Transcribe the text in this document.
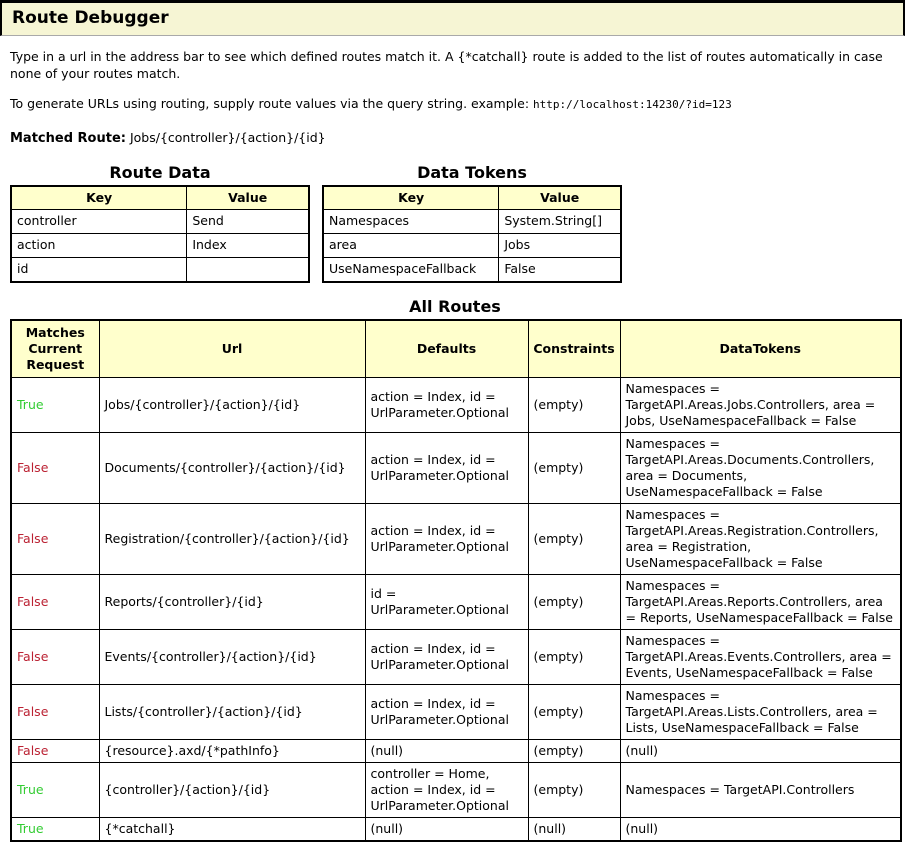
Route Debugger

Type in a url in the address bar to see which defined routes match it. A {*catchall} route is added to the list of routes automatically in case none of your routes match.

To generate URLs using routing, supply route values via the query string. example: http://localhost:14230/?id=123

Matched Route: Jobs/{controller}/{action}/{id}

Route Data
Key	Value
controller	Send
action	Index
id	
Data Tokens
Key	Value
Namespaces	System.String[]
area	Jobs
UseNamespaceFallback	False
All Routes
Matches Current Request	Url	Defaults	Constraints	DataTokens
True	Jobs/{controller}/{action}/{id}	action = Index, id = UrlParameter.Optional	(empty)	Namespaces = TargetAPI.Areas.Jobs.Controllers, area = Jobs, UseNamespaceFallback = False
False	Documents/{controller}/{action}/{id}	action = Index, id = UrlParameter.Optional	(empty)	Namespaces = TargetAPI.Areas.Documents.Controllers, area = Documents, UseNamespaceFallback = False
False	Registration/{controller}/{action}/{id}	action = Index, id = UrlParameter.Optional	(empty)	Namespaces = TargetAPI.Areas.Registration.Controllers, area = Registration, UseNamespaceFallback = False
False	Reports/{controller}/{id}	id = UrlParameter.Optional	(empty)	Namespaces = TargetAPI.Areas.Reports.Controllers, area = Reports, UseNamespaceFallback = False
False	Events/{controller}/{action}/{id}	action = Index, id = UrlParameter.Optional	(empty)	Namespaces = TargetAPI.Areas.Events.Controllers, area = Events, UseNamespaceFallback = False
False	Lists/{controller}/{action}/{id}	action = Index, id = UrlParameter.Optional	(empty)	Namespaces = TargetAPI.Areas.Lists.Controllers, area = Lists, UseNamespaceFallback = False
False	{resource}.axd/{*pathInfo}	(null)	(empty)	(null)
True	{controller}/{action}/{id}	controller = Home, action = Index, id = UrlParameter.Optional	(empty)	Namespaces = TargetAPI.Controllers
True	{*catchall}	(null)	(null)	(null)
